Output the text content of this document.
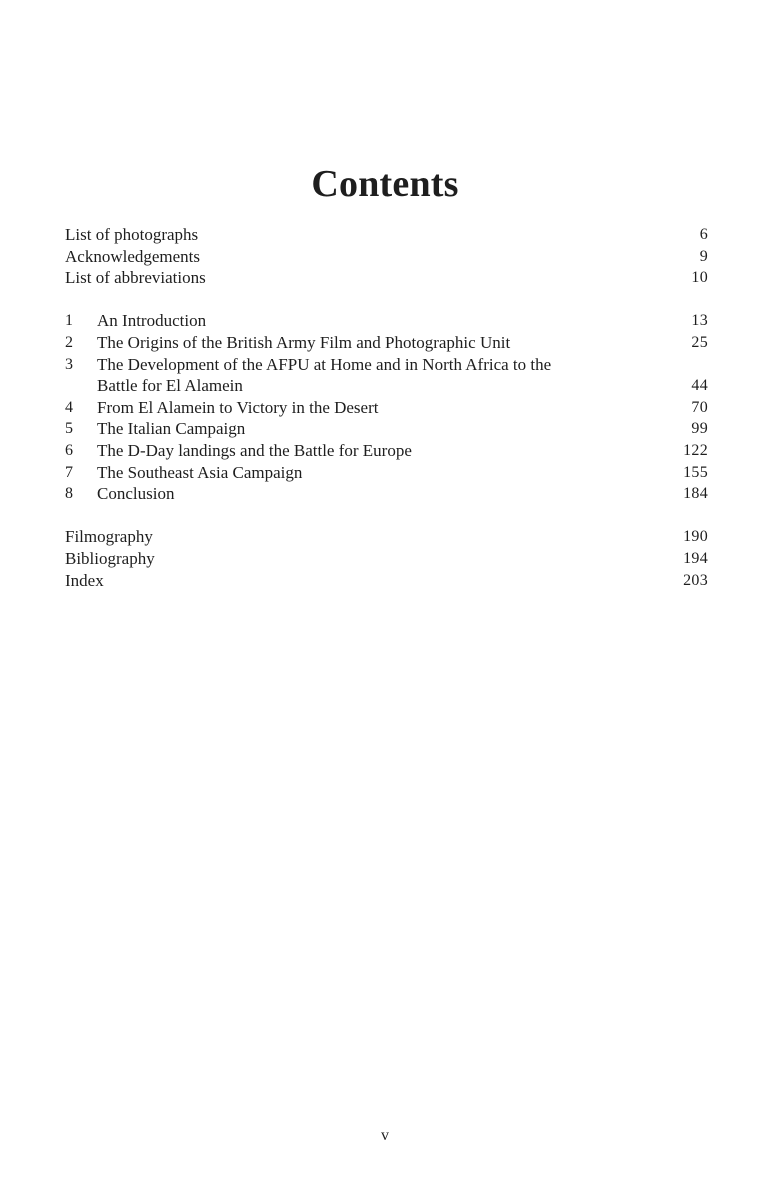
Contents
List of photographs	6
Acknowledgements	9
List of abbreviations	10
1	An Introduction	13
2	The Origins of the British Army Film and Photographic Unit	25
3	The Development of the AFPU at Home and in North Africa to the
Battle for El Alamein	44
4	From El Alamein to Victory in the Desert	70
5	The Italian Campaign	99
6	The D-Day landings and the Battle for Europe	122
7	The Southeast Asia Campaign	155
8	Conclusion	184
Filmography	190
Bibliography	194
Index	203
v
